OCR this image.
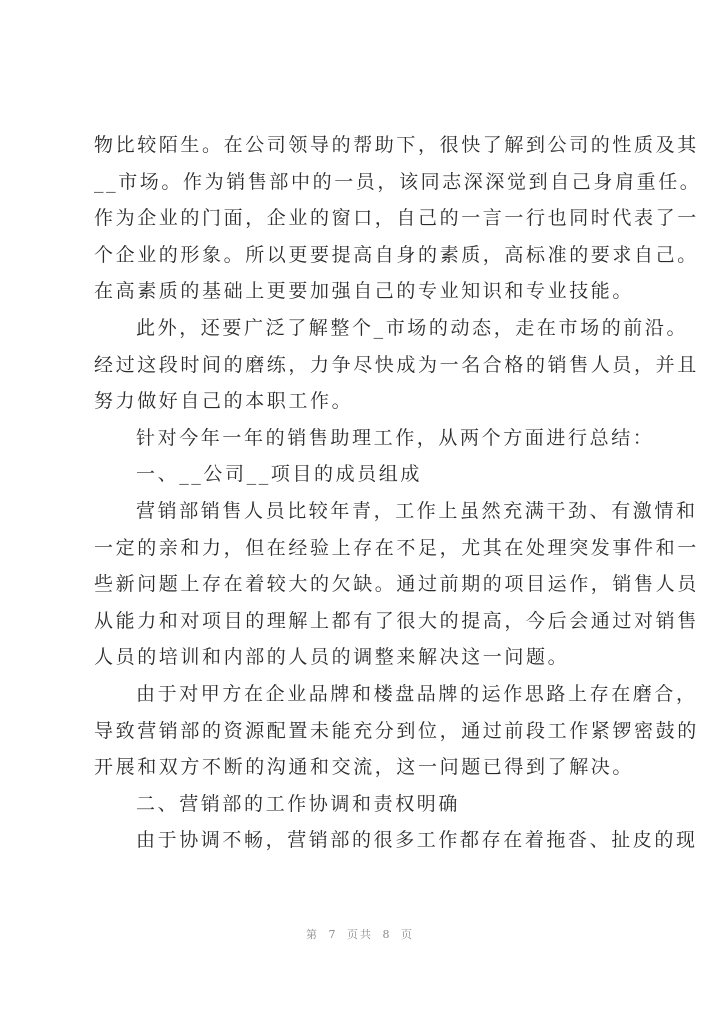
物比较陌生。在公司领导的帮助下，很快了解到公司的性质及其
__市场。作为销售部中的一员，该同志深深觉到自己身肩重任。
作为企业的门面，企业的窗口，自己的一言一行也同时代表了一
个企业的形象。所以更要提高自身的素质，高标准的要求自己。
在高素质的基础上更要加强自己的专业知识和专业技能。
此外，还要广泛了解整个_市场的动态，走在市场的前沿。
经过这段时间的磨练，力争尽快成为一名合格的销售人员，并且
努力做好自己的本职工作。
针对今年一年的销售助理工作，从两个方面进行总结：
一、__公司__项目的成员组成
营销部销售人员比较年青，工作上虽然充满干劲、有激情和
一定的亲和力，但在经验上存在不足，尤其在处理突发事件和一
些新问题上存在着较大的欠缺。通过前期的项目运作，销售人员
从能力和对项目的理解上都有了很大的提高，今后会通过对销售
人员的培训和内部的人员的调整来解决这一问题。
由于对甲方在企业品牌和楼盘品牌的运作思路上存在磨合，
导致营销部的资源配置未能充分到位，通过前段工作紧锣密鼓的
开展和双方不断的沟通和交流，这一问题已得到了解决。
二、营销部的工作协调和责权明确
由于协调不畅，营销部的很多工作都存在着拖沓、扯皮的现
第 7 页共 8 页
